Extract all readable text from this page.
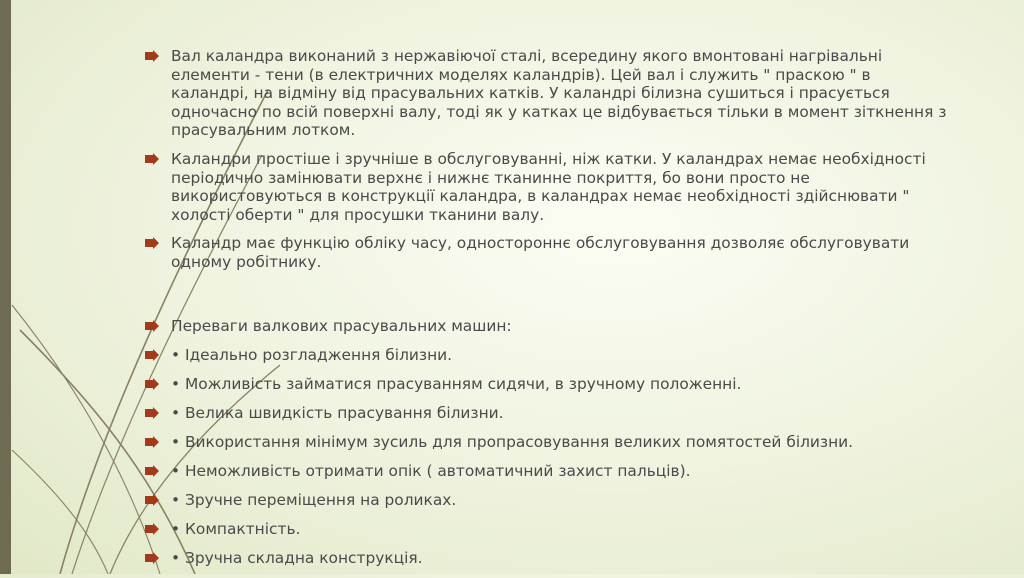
Вал каландра виконаний з нержавіючої сталі, всередину якого вмонтовані нагрівальні елементи - тени (в електричних моделях каландрів). Цей вал і служить " праскою " в каландрі, на відміну від прасувальних катків. У каландрі білизна сушиться і прасується одночасно по всій поверхні валу, тоді як у катках це відбувається тільки в момент зіткнення з прасувальним лотком.
Каландри простіше і зручніше в обслуговуванні, ніж катки. У каландрах немає необхідності періодично замінювати верхнє і нижнє тканинне покриття, бо вони просто не використовуються в конструкції каландра, в каландрах немає необхідності здійснювати " холості оберти " для просушки тканини валу.
Каландр має функцію обліку часу, одностороннє обслуговування дозволяє обслуговувати одному робітнику.
Переваги валкових прасувальних машин:
• Ідеально розгладження білизни.
• Можливість займатися прасуванням сидячи, в зручному положенні.
• Велика швидкість прасування білизни.
• Використання мінімум зусиль для пропрасовування великих помятостей білизни.
• Неможливість отримати опік ( автоматичний захист пальців).
• Зручне переміщення на роликах.
• Компактність.
• Зручна складна конструкція.
